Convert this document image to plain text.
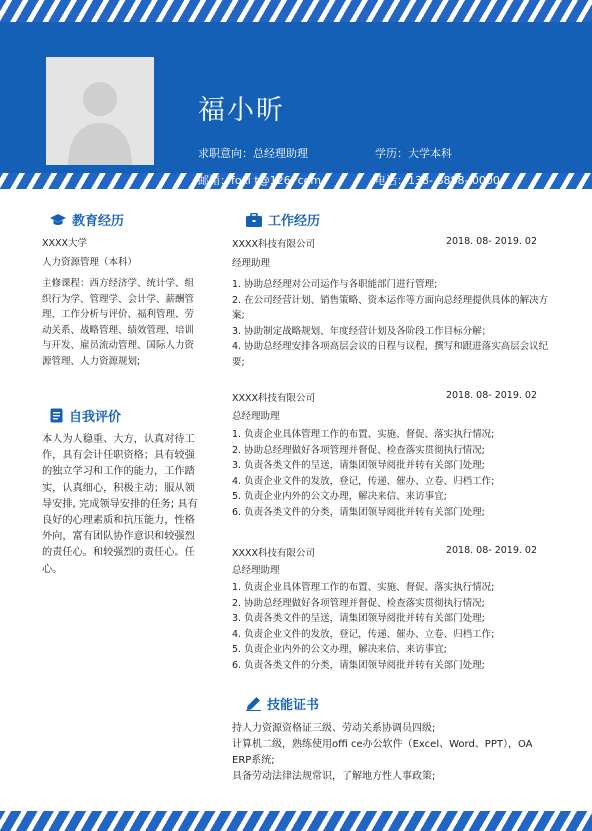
福小昕
求职意向：总经理助理	学历：大学本科
邮箱：foxi t@126. com	电话：138- 8888- 0000
教育经历
XXXX大学
人力资源管理（本科）
主修课程：西方经济学、统计学、组织行为学、管理学、会计学、薪酬管理、工作分析与评价、福利管理、劳动关系、战略管理、绩效管理、培训与开发、雇员流动管理、国际人力资源管理、人力资源规划;
自我评价
本人为人稳重、大方，认真对待工作，具有会计任职资格；具有较强的独立学习和工作的能力，工作踏实，认真细心，积极主动；服从领导安排, 完成领导安排的任务; 具有良好的心理素质和抗压能力，性格外向，富有团队协作意识和较强烈的责任心。和较强烈的责任心。任心。
工作经历
XXXX科技有限公司	2018. 08- 2019. 02
经理助理

1. 协助总经理对公司运作与各职能部门进行管理;

2. 在公司经营计划、销售策略、资本运作等方面向总经理提供具体的解决方案;

3. 协助制定战略规划、年度经营计划及各阶段工作目标分解；

4. 协助总经理安排各项高层会议的日程与议程，撰写和跟进落实高层会议纪要;

XXXX科技有限公司	2018. 08- 2019. 02
总经理助理

1. 负责企业具体管理工作的布置、实施、督促、落实执行情况;

2. 协助总经理做好各项管理并督促、检查落实贯彻执行情况;

3. 负责各类文件的呈送，请集团领导阅批并转有关部门处理;

4. 负责企业文件的发放，登记，传递、催办、立卷、归档工作;

5. 负责企业内外的公文办理，解决来信、来访事宜;

6. 负责各类文件的分类，请集团领导阅批并转有关部门处理;

XXXX科技有限公司	2018. 08- 2019. 02
总经理助理

1. 负责企业具体管理工作的布置、实施、督促、落实执行情况;

2. 协助总经理做好各项管理并督促、检查落实贯彻执行情况;

3. 负责各类文件的呈送，请集团领导阅批并转有关部门处理;

4. 负责企业文件的发放，登记，传递、催办、立卷、归档工作;

5. 负责企业内外的公文办理，解决来信、来访事宜;

6. 负责各类文件的分类，请集团领导阅批并转有关部门处理;

技能证书

持人力资源资格证三级、劳动关系协调员四级;

计算机二级，熟练使用offi ce办公软件（Excel、Word、PPT），OA ERP系统;

具备劳动法律法规常识，了解地方性人事政策;
